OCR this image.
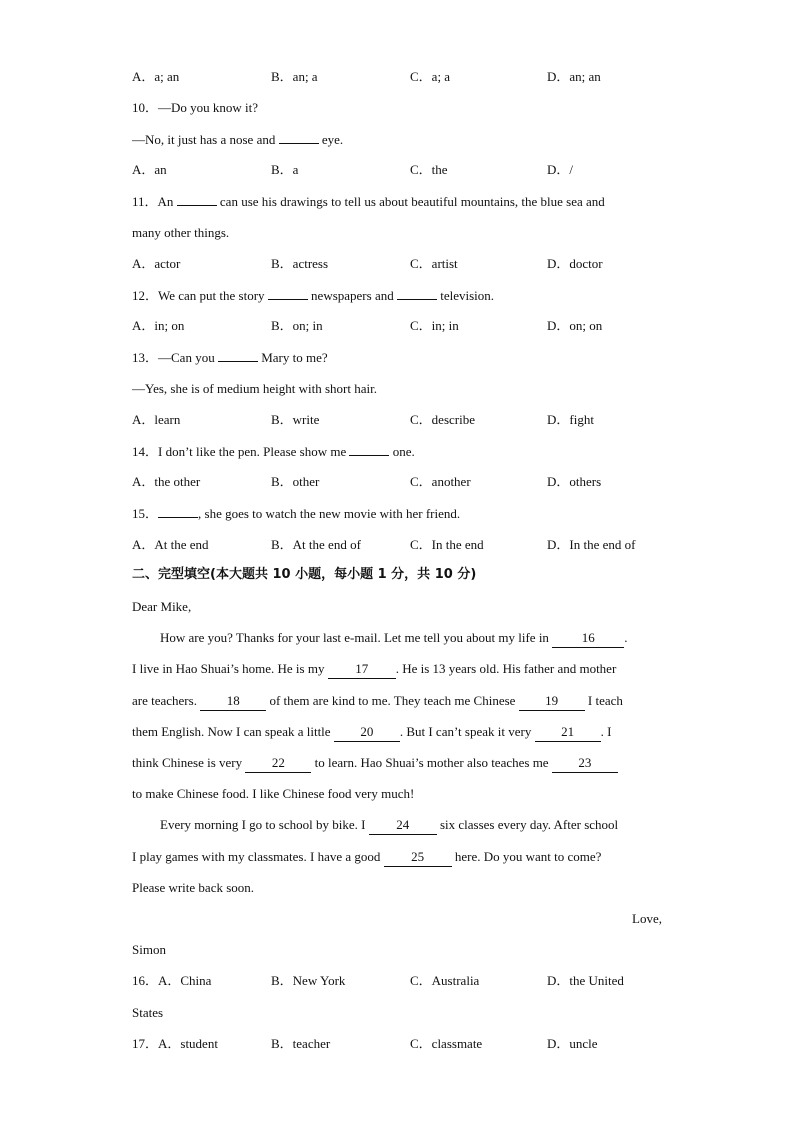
A．a; an	B．an; a	C．a; a	D．an; an
10．—Do you know it?
—No, it just has a nose and	eye.
A．an	B．a	C．the	D．/
11．An	can use his drawings to tell us about beautiful mountains, the blue sea and
many other things.
A．actor	B．actress	C．artist	D．doctor
12．We can put the story	newspapers and	television.
A．in; on	B．on; in	C．in; in	D．on; on
13．—Can you	Mary to me?
—Yes, she is of medium height with short hair.
A．learn	B．write	C．describe	D．fight
14．I don’t like the pen. Please show me	one.
A．the other	B．other	C．another	D．others
15．	, she goes to watch the new movie with her friend.
A．At the end	B．At the end of	C．In the end	D．In the end of
二、完型填空(本大题共 10 小题，每小题 1 分，共 10 分)
Dear Mike,
How are you? Thanks for your last e-mail. Let me tell you about my life in	16 .
I live in Hao Shuai’s home. He is my 17 . He is 13 years old. His father and mother
are teachers. 18 of them are kind to me. They teach me Chinese 19 I teach
them English. Now I can speak a little 20 . But I can’t speak it very 21 . I
think Chinese is very 22 to learn. Hao Shuai’s mother also teaches me 23
to make Chinese food. I like Chinese food very much!
Every morning I go to school by bike. I 24 six classes every day. After school
I play games with my classmates. I have a good 25 here. Do you want to come?
Please write back soon.
Love,
Simon
16．A．China	B．New York	C．Australia	D．the United
States
17．A．student	B．teacher	C．classmate	D．uncle
